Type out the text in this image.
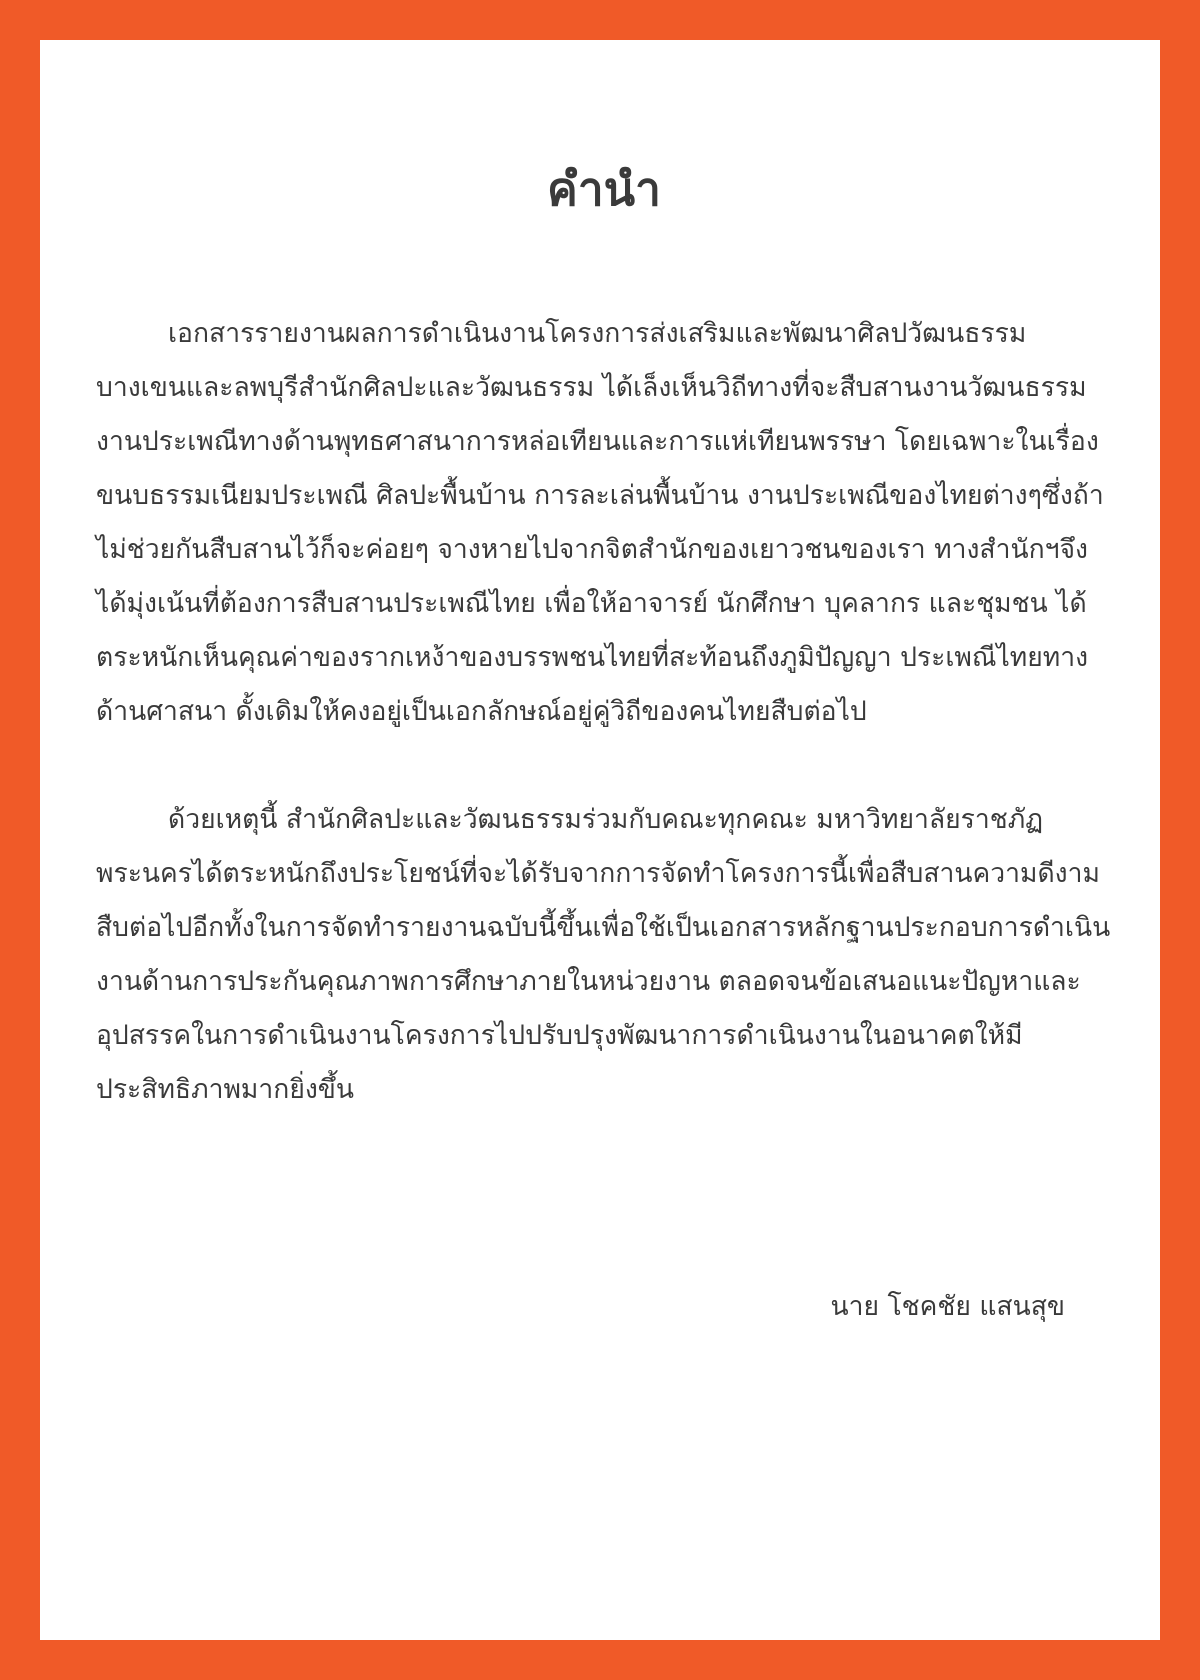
คำนำ

เอกสารรายงานผลการดำเนินงานโครงการส่งเสริมและพัฒนาศิลปวัฒนธรรมบางเขนและลพบุรีสำนักศิลปะและวัฒนธรรม ได้เล็งเห็นวิถีทางที่จะสืบสานงานวัฒนธรรม งานประเพณีทางด้านพุทธศาสนาการหล่อเทียนและการแห่เทียนพรรษา โดยเฉพาะในเรื่องขนบธรรมเนียมประเพณี ศิลปะพื้นบ้าน การละเล่นพื้นบ้าน งานประเพณีของไทยต่างๆซึ่งถ้าไม่ช่วยกันสืบสานไว้ก็จะค่อยๆ จางหายไปจากจิตสำนักของเยาวชนของเรา ทางสำนักฯจึงได้มุ่งเน้นที่ต้องการสืบสานประเพณีไทย เพื่อให้อาจารย์ นักศึกษา บุคลากร และชุมชน ได้ตระหนักเห็นคุณค่าของรากเหง้าของบรรพชนไทยที่สะท้อนถึงภูมิปัญญา ประเพณีไทยทางด้านศาสนา ดั้งเดิมให้คงอยู่เป็นเอกลักษณ์อยู่คู่วิถีของคนไทยสืบต่อไป

ด้วยเหตุนี้ สำนักศิลปะและวัฒนธรรมร่วมกับคณะทุกคณะ มหาวิทยาลัยราชภัฏพระนครได้ตระหนักถึงประโยชน์ที่จะได้รับจากการจัดทำโครงการนี้เพื่อสืบสานความดีงามสืบต่อไปอีกทั้งในการจัดทำรายงานฉบับนี้ขึ้นเพื่อใช้เป็นเอกสารหลักฐานประกอบการดำเนินงานด้านการประกันคุณภาพการศึกษาภายในหน่วยงาน ตลอดจนข้อเสนอแนะปัญหาและอุปสรรคในการดำเนินงานโครงการไปปรับปรุงพัฒนาการดำเนินงานในอนาคตให้มีประสิทธิภาพมากยิ่งขึ้น

นาย โชคชัย แสนสุข
